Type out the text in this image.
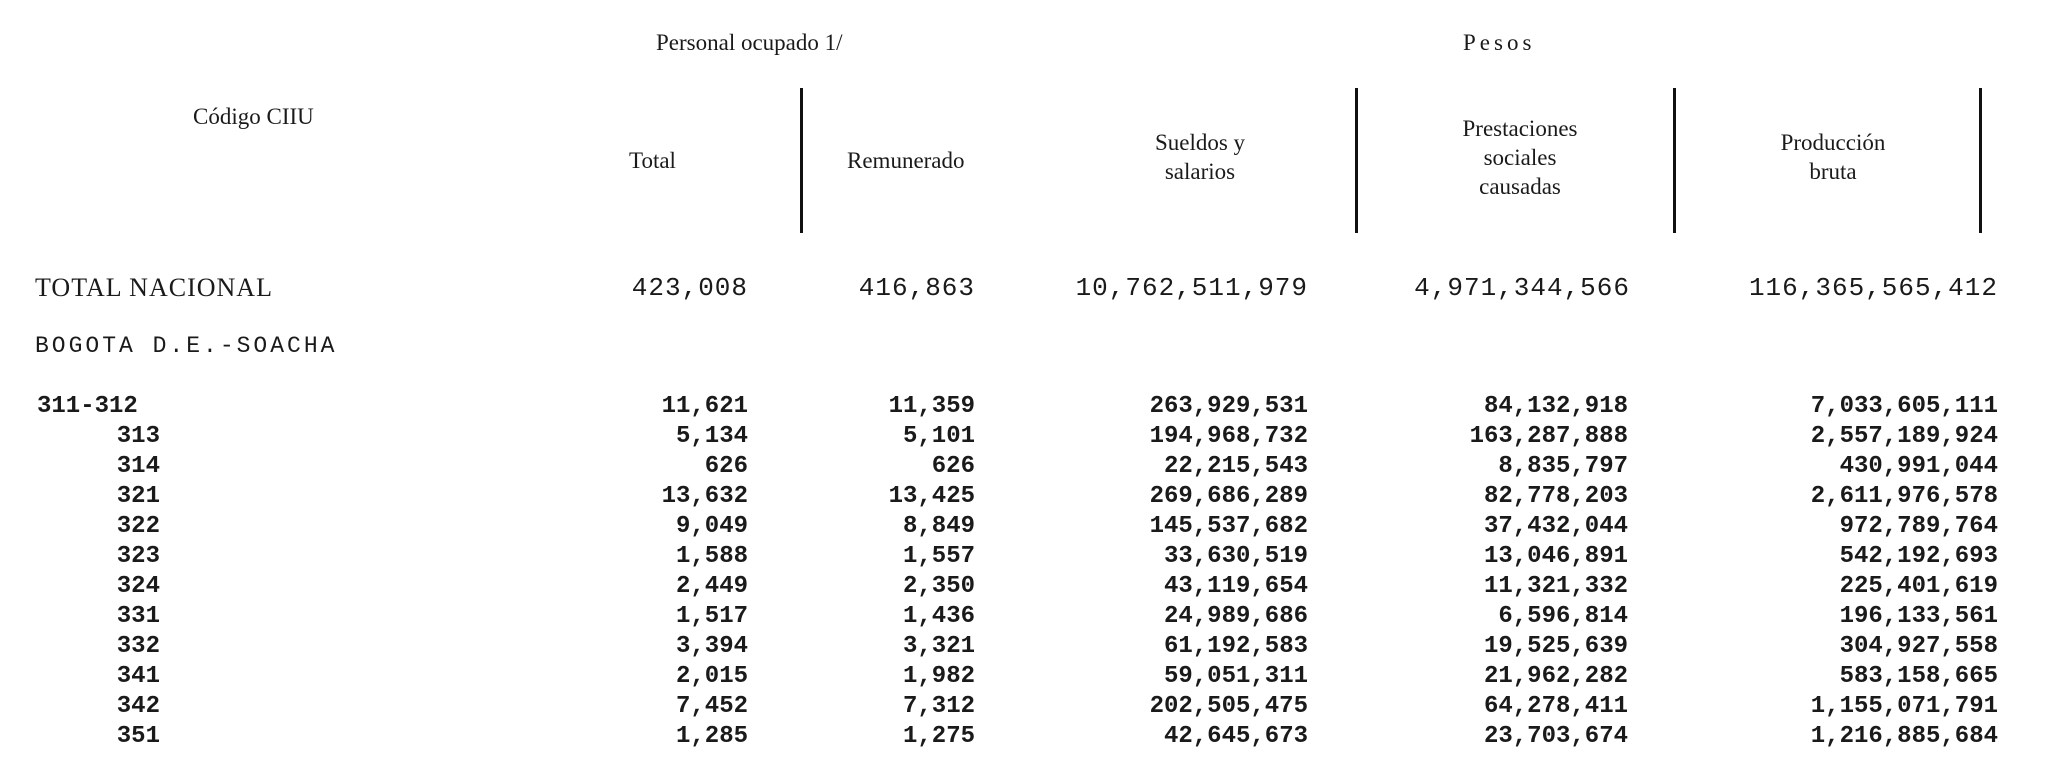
Personal ocupado 1/	Pesos
Código CIIU
Total	Remunerado
Sueldos y
salarios
Prestaciones
sociales
causadas
Producción
bruta
TOTAL NACIONAL	423,008	416,863	10,762,511,979	4,971,344,566	116,365,565,412
BOGOTA D.E.-SOACHA
311-312	11,621	11,359	263,929,531	84,132,918	7,033,605,111
313	5,134	5,101	194,968,732	163,287,888	2,557,189,924
314	626	626	22,215,543	8,835,797	430,991,044
321	13,632	13,425	269,686,289	82,778,203	2,611,976,578
322	9,049	8,849	145,537,682	37,432,044	972,789,764
323	1,588	1,557	33,630,519	13,046,891	542,192,693
324	2,449	2,350	43,119,654	11,321,332	225,401,619
331	1,517	1,436	24,989,686	6,596,814	196,133,561
332	3,394	3,321	61,192,583	19,525,639	304,927,558
341	2,015	1,982	59,051,311	21,962,282	583,158,665
342	7,452	7,312	202,505,475	64,278,411	1,155,071,791
351	1,285	1,275	42,645,673	23,703,674	1,216,885,684
